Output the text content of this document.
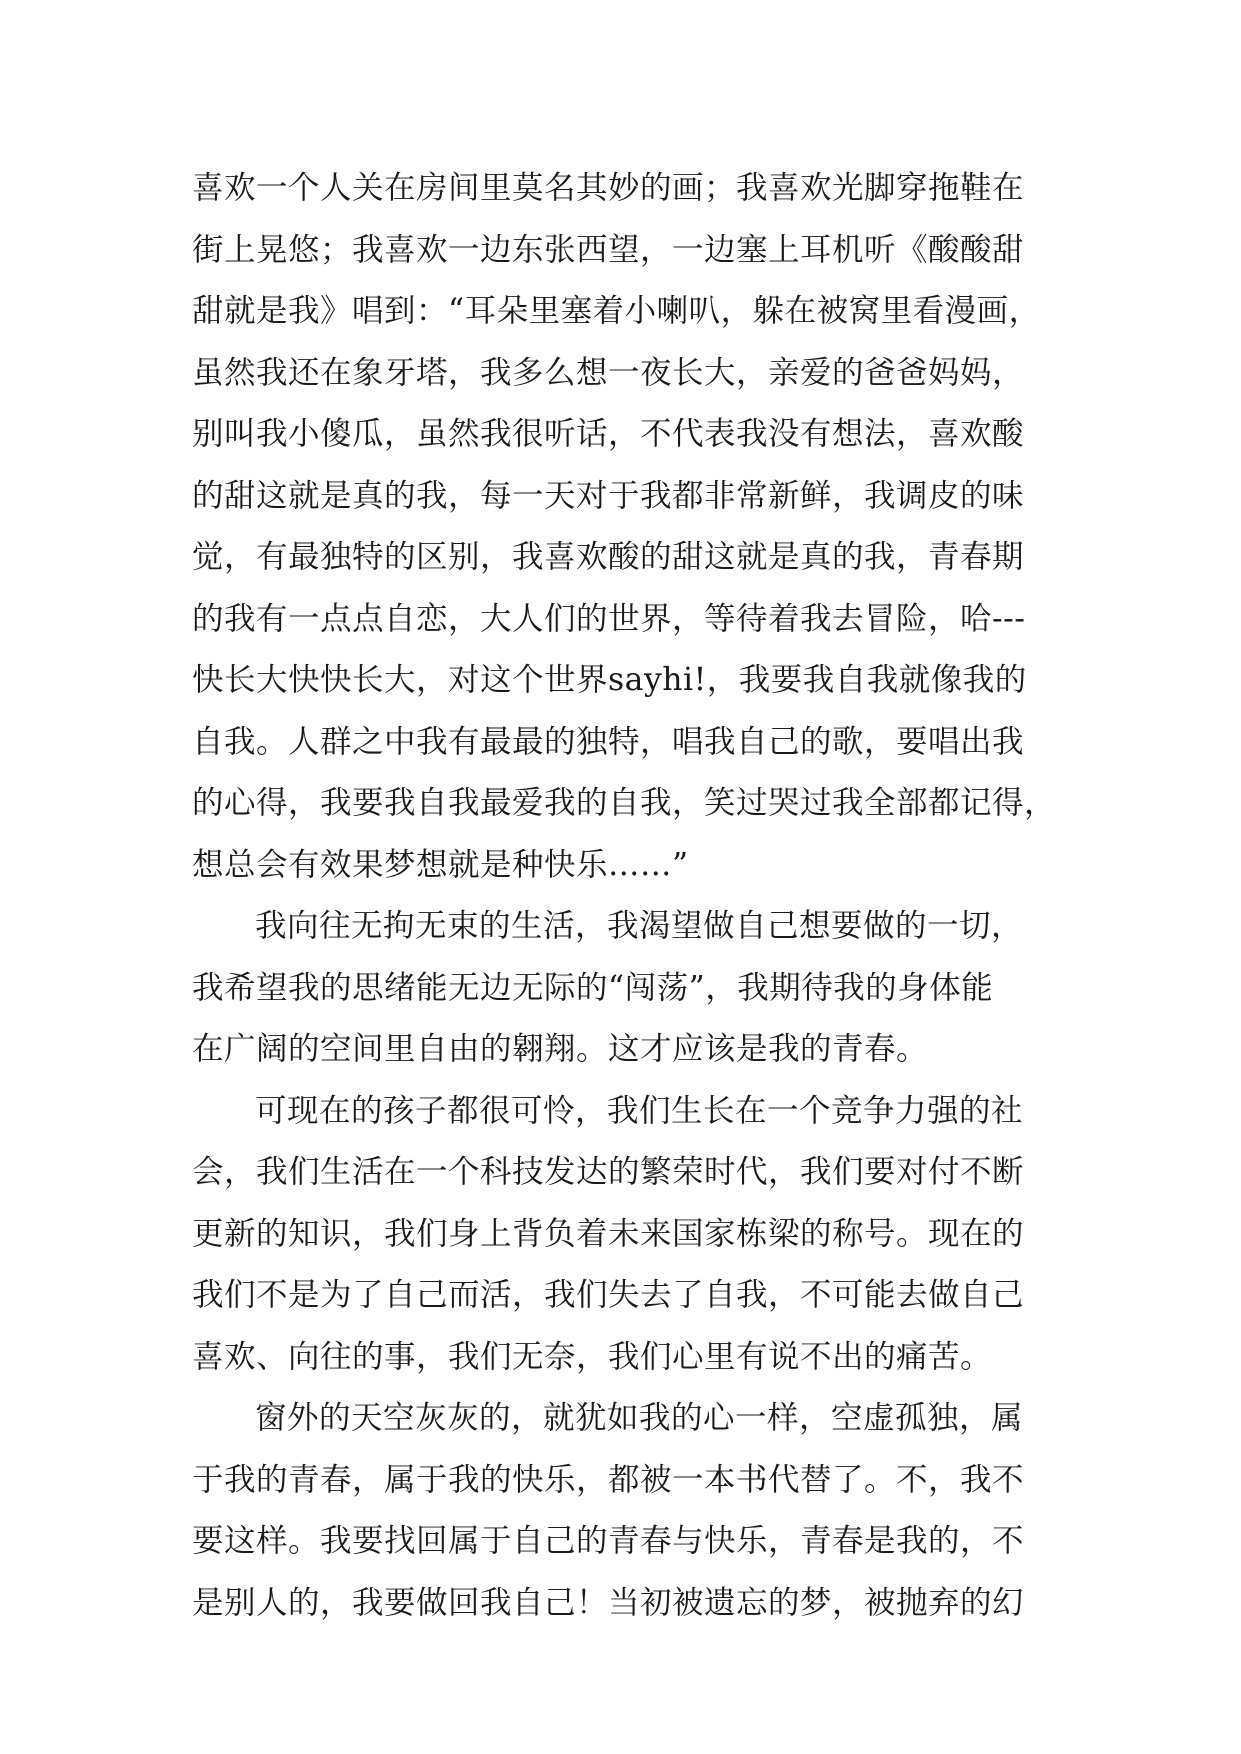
喜欢一个人关在房间里莫名其妙的画；我喜欢光脚穿拖鞋在
街上晃悠；我喜欢一边东张西望，一边塞上耳机听《酸酸甜
甜就是我》唱到：“耳朵里塞着小喇叭，躲在被窝里看漫画，
虽然我还在象牙塔，我多么想一夜长大，亲爱的爸爸妈妈，
别叫我小傻瓜，虽然我很听话，不代表我没有想法，喜欢酸
的甜这就是真的我，每一天对于我都非常新鲜，我调皮的味
觉，有最独特的区别，我喜欢酸的甜这就是真的我，青春期
的我有一点点自恋，大人们的世界，等待着我去冒险，哈---
快长大快快长大，对这个世界sayhi!，我要我自我就像我的
自我。人群之中我有最最的独特，唱我自己的歌，要唱出我
的心得，我要我自我最爱我的自我，笑过哭过我全部都记得，
想总会有效果梦想就是种快乐……”
我向往无拘无束的生活，我渴望做自己想要做的一切，
我希望我的思绪能无边无际的“闯荡”，我期待我的身体能
在广阔的空间里自由的翱翔。这才应该是我的青春。
可现在的孩子都很可怜，我们生长在一个竞争力强的社
会，我们生活在一个科技发达的繁荣时代，我们要对付不断
更新的知识，我们身上背负着未来国家栋梁的称号。现在的
我们不是为了自己而活，我们失去了自我，不可能去做自己
喜欢、向往的事，我们无奈，我们心里有说不出的痛苦。
窗外的天空灰灰的，就犹如我的心一样，空虚孤独，属
于我的青春，属于我的快乐，都被一本书代替了。不，我不
要这样。我要找回属于自己的青春与快乐，青春是我的，不
是别人的，我要做回我自己！当初被遗忘的梦，被抛弃的幻
